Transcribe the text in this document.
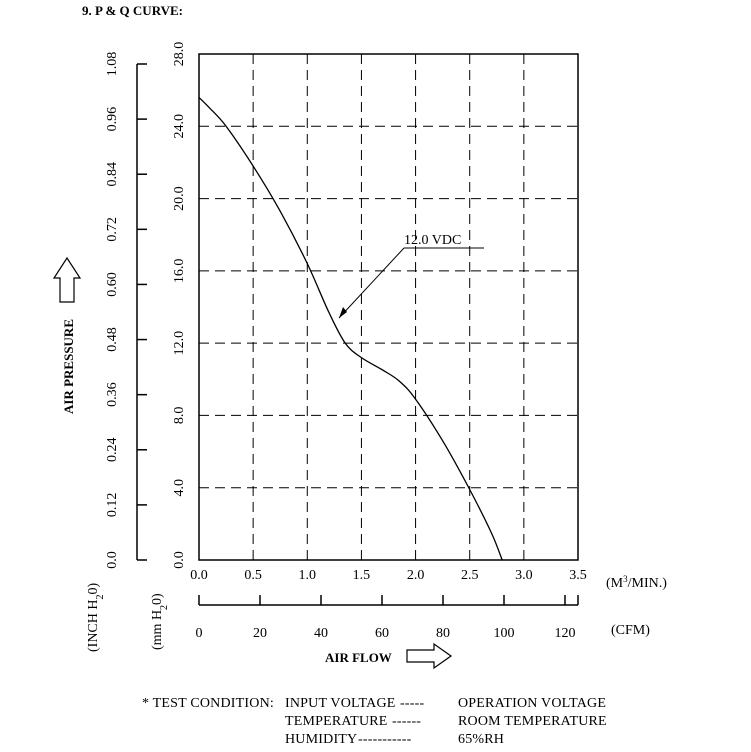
9. P & Q CURVE:
12.0 VDC
0.0
0.12
0.24
0.36
0.48
0.60
0.72
0.84
0.96
1.08
0.0
4.0
8.0
12.0
16.0
20.0
24.0
28.0
0.0	0.5	1.0	1.5	2.0	2.5	3.0	3.5
$(M^3/MIN.)$
0	20	40	60	80	100	120	(CFM)
AIR FLOW
AIR PRESSURE
(INCH $H_20$)
(mm $H_20$)
* TEST CONDITION: INPUT VOLTAGE ----- OPERATION VOLTAGE
TEMPERATURE ------	ROOM TEMPERATURE
HUMIDITY -----------	65%RH
